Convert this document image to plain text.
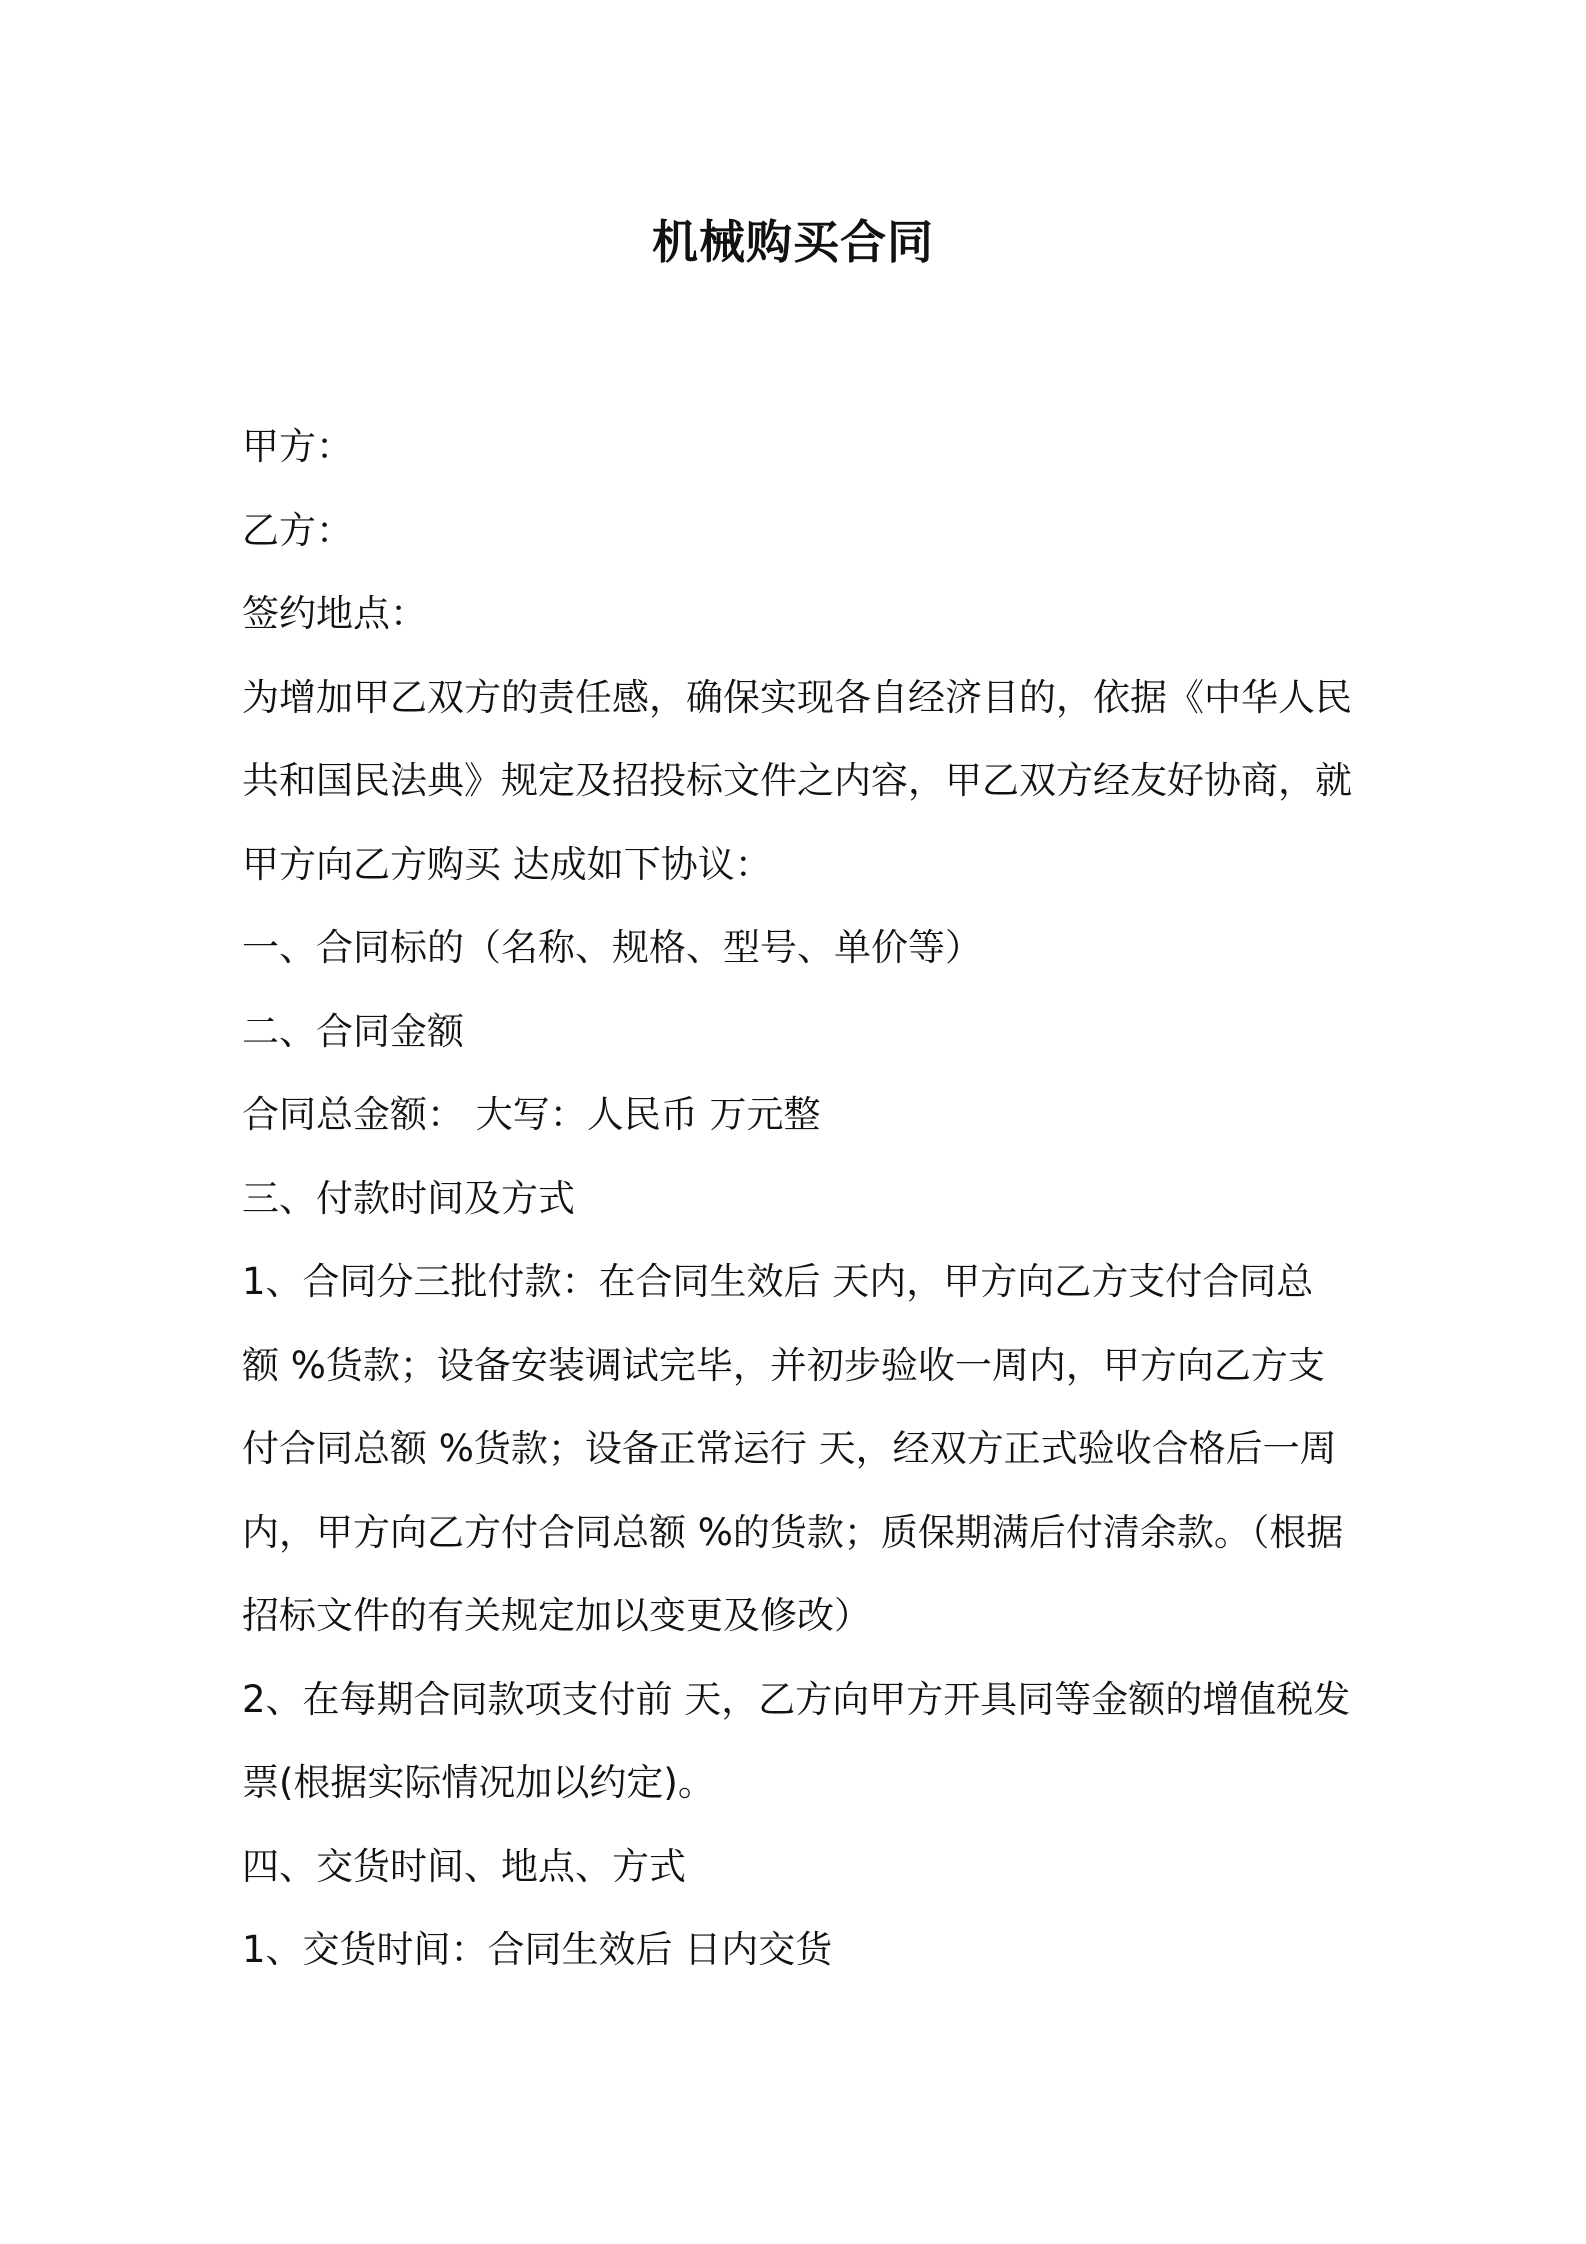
机械购买合同

甲方：

乙方：

签约地点：

为增加甲乙双方的责任感，确保实现各自经济目的，依据《中华人民

共和国民法典》规定及招投标文件之内容，甲乙双方经友好协商，就

甲方向乙方购买 达成如下协议：

一、合同标的（名称、规格、型号、单价等）

二、合同金额

合同总金额： 大写：人民币 万元整

三、付款时间及方式

1、合同分三批付款：在合同生效后 天内，甲方向乙方支付合同总

额 %货款；设备安装调试完毕，并初步验收一周内，甲方向乙方支

付合同总额 %货款；设备正常运行 天，经双方正式验收合格后一周

内，甲方向乙方付合同总额 %的货款；质保期满后付清余款。（根据

招标文件的有关规定加以变更及修改）

2、在每期合同款项支付前 天，乙方向甲方开具同等金额的增值税发

票(根据实际情况加以约定)。

四、交货时间、地点、方式

1、交货时间：合同生效后 日内交货
